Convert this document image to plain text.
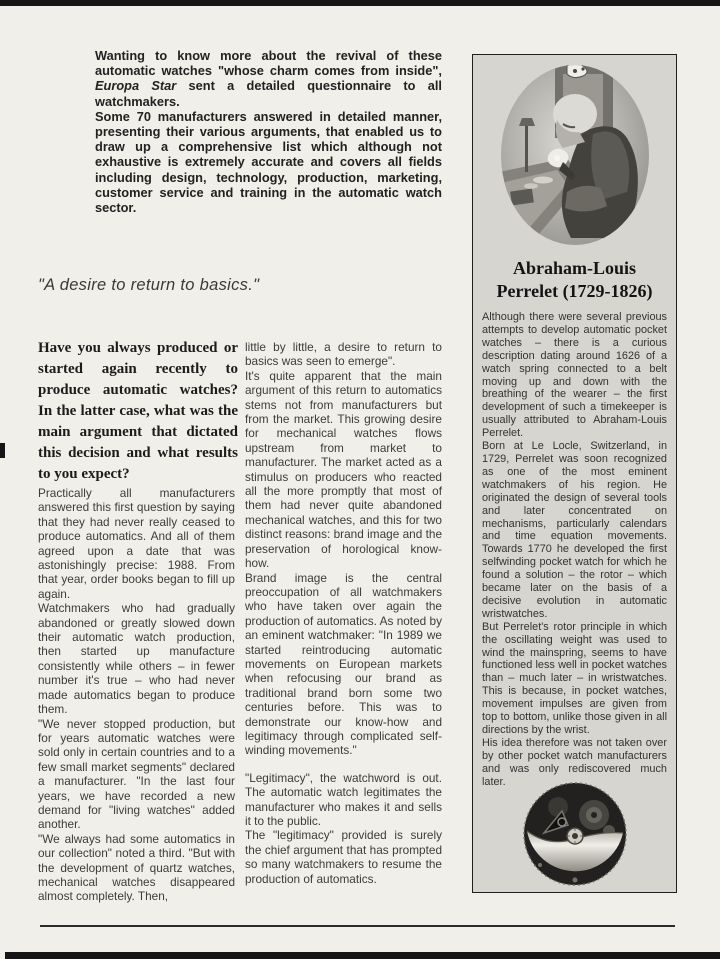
Wanting to know more about the revival of these automatic watches "whose charm comes from inside", Europa Star sent a detailed questionnaire to all watchmakers.

Some 70 manufacturers answered in detailed manner, presenting their various arguments, that enabled us to draw up a comprehensive list which although not exhaustive is extremely accurate and covers all fields including design, technology, production, marketing, customer service and training in the automatic watch sector.

"A desire to return to basics."
Have you always produced or started again recently to produce automatic watches? In the latter case, what was the main argument that dictated this decision and what results to you expect?

Practically all manufacturers answered this first question by saying that they had never really ceased to produce automatics. And all of them agreed upon a date that was astonishingly precise: 1988. From that year, order books began to fill up again.

Watchmakers who had gradually abandoned or greatly slowed down their automatic watch production, then started up manufacture consistently while others – in fewer number it's true – who had never made automatics began to produce them.

"We never stopped production, but for years automatic watches were sold only in certain countries and to a few small market segments" declared a manufacturer. "In the last four years, we have recorded a new demand for "living watches" added another.

"We always had some automatics in our collection" noted a third. "But with the development of quartz watches, mechanical watches disappeared almost completely. Then,

little by little, a desire to return to basics was seen to emerge".

It's quite apparent that the main argument of this return to automatics stems not from manufacturers but from the market. This growing desire for mechanical watches flows upstream from market to manufacturer. The market acted as a stimulus on producers who reacted all the more promptly that most of them had never quite abandoned mechanical watches, and this for two distinct reasons: brand image and the preservation of horological know-how.

Brand image is the central preoccupation of all watchmakers who have taken over again the production of automatics. As noted by an eminent watchmaker: "In 1989 we started reintroducing automatic movements on European markets when refocusing our brand as traditional brand born some two centuries before. This was to demonstrate our know-how and legitimacy through complicated self-winding movements."

"Legitimacy", the watchword is out. The automatic watch legitimates the manufacturer who makes it and sells it to the public.

The "legitimacy" provided is surely the chief argument that has prompted so many watchmakers to resume the production of automatics.

Abraham-Louis
Perrelet (1729-1826)

Although there were several previous attempts to develop automatic pocket watches – there is a curious description dating around 1626 of a watch spring connected to a belt moving up and down with the breathing of the wearer – the first development of such a timekeeper is usually attributed to Abraham-Louis Perrelet.

Born at Le Locle, Switzerland, in 1729, Perrelet was soon recognized as one of the most eminent watchmakers of his region. He originated the design of several tools and later concentrated on mechanisms, particularly calendars and time equation movements. Towards 1770 he developed the first selfwinding pocket watch for which he found a solution – the rotor – which became later on the basis of a decisive evolution in automatic wristwatches.

But Perrelet's rotor principle in which the oscillating weight was used to wind the mainspring, seems to have functioned less well in pocket watches than – much later – in wristwatches. This is because, in pocket watches, movement impulses are given from top to bottom, unlike those given in all directions by the wrist.

His idea therefore was not taken over by other pocket watch manufacturers and was only rediscovered much later.
